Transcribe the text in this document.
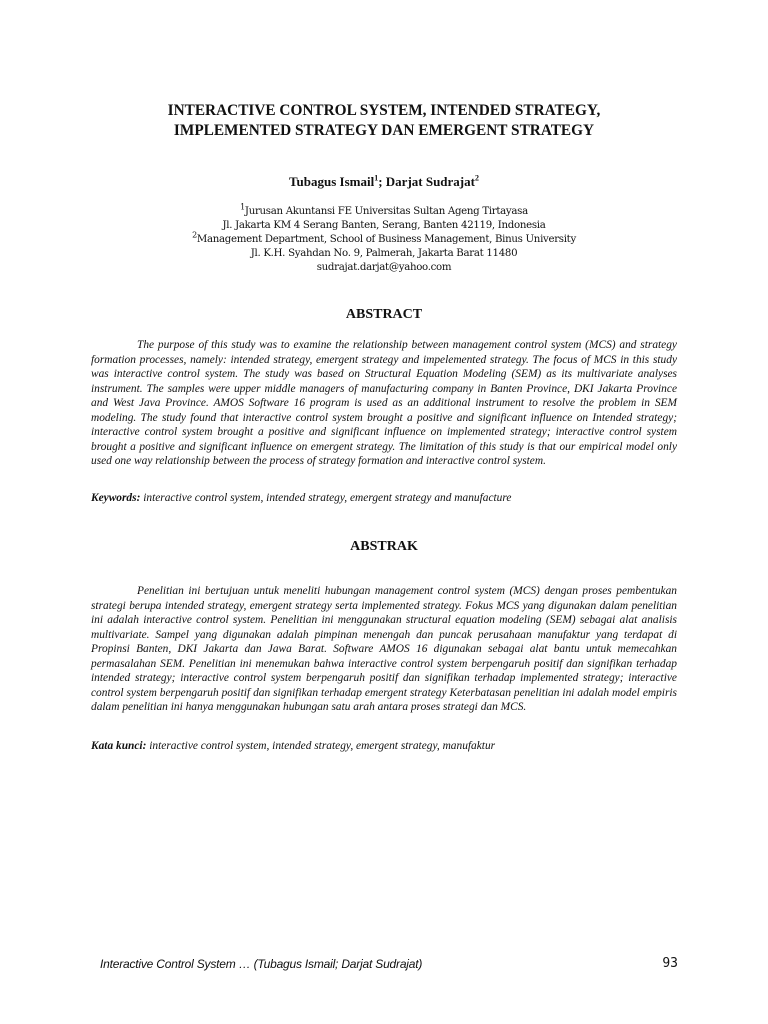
INTERACTIVE CONTROL SYSTEM, INTENDED STRATEGY,
IMPLEMENTED STRATEGY DAN EMERGENT STRATEGY
Tubagus Ismail$^1$; Darjat Sudrajat$^2$
$^1$Jurusan Akuntansi FE Universitas Sultan Ageng Tirtayasa
Jl. Jakarta KM 4 Serang Banten, Serang, Banten 42119, Indonesia
$^2$Management Department, School of Business Management, Binus University
Jl. K.H. Syahdan No. 9, Palmerah, Jakarta Barat 11480
sudrajat.darjat@yahoo.com
ABSTRACT
The purpose of this study was to examine the relationship between management control system (MCS) and strategy formation processes, namely: intended strategy, emergent strategy and impelemented strategy. The focus of MCS in this study was interactive control system. The study was based on Structural Equation Modeling (SEM) as its multivariate analyses instrument. The samples were upper middle managers of manufacturing company in Banten Province, DKI Jakarta Province and West Java Province. AMOS Software 16 program is used as an additional instrument to resolve the problem in SEM modeling. The study found that interactive control system brought a positive and significant influence on Intended strategy; interactive control system brought a positive and significant influence on implemented strategy; interactive control system brought a positive and significant influence on emergent strategy. The limitation of this study is that our empirical model only used one way relationship between the process of strategy formation and interactive control system.
Keywords: interactive control system, intended strategy, emergent strategy and manufacture
ABSTRAK
Penelitian ini bertujuan untuk meneliti hubungan management control system (MCS) dengan proses pembentukan strategi berupa intended strategy, emergent strategy serta implemented strategy. Fokus MCS yang digunakan dalam penelitian ini adalah interactive control system. Penelitian ini menggunakan structural equation modeling (SEM) sebagai alat analisis multivariate. Sampel yang digunakan adalah pimpinan menengah dan puncak perusahaan manufaktur yang terdapat di Propinsi Banten, DKI Jakarta dan Jawa Barat. Software AMOS 16 digunakan sebagai alat bantu untuk memecahkan permasalahan SEM. Penelitian ini menemukan bahwa interactive control system berpengaruh positif dan signifikan terhadap intended strategy; interactive control system berpengaruh positif dan signifikan terhadap implemented strategy; interactive control system berpengaruh positif dan signifikan terhadap emergent strategy Keterbatasan penelitian ini adalah model empiris dalam penelitian ini hanya menggunakan hubungan satu arah antara proses strategi dan MCS.
Kata kunci: interactive control system, intended strategy, emergent strategy, manufaktur
Interactive Control System … (Tubagus Ismail; Darjat Sudrajat)	93
